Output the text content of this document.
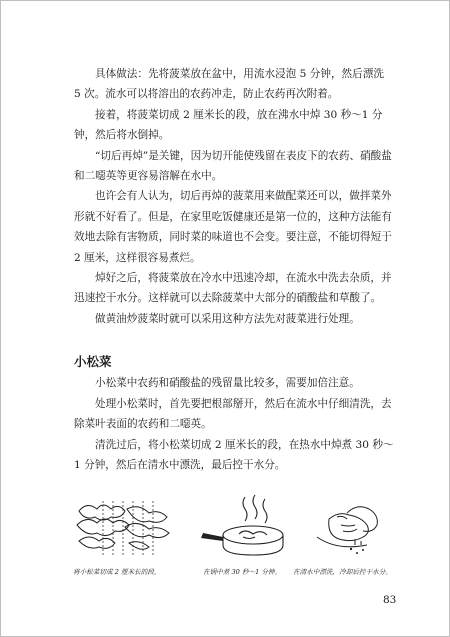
具体做法：先将菠菜放在盆中，用流水浸泡 5 分钟，然后漂洗 5 次。流水可以将溶出的农药冲走，防止农药再次附着。

接着，将菠菜切成 2 厘米长的段，放在沸水中焯 30 秒～1 分钟，然后将水倒掉。

“切后再焯”是关键，因为切开能使残留在表皮下的农药、硝酸盐和二噁英等更容易溶解在水中。

也许会有人认为，切后再焯的菠菜用来做配菜还可以，做拌菜外形就不好看了。但是，在家里吃饭健康还是第一位的，这种方法能有效地去除有害物质，同时菜的味道也不会变。要注意，不能切得短于 2 厘米，这样很容易煮烂。

焯好之后，将菠菜放在冷水中迅速冷却，在流水中洗去杂质，并迅速控干水分。这样就可以去除菠菜中大部分的硝酸盐和草酸了。

做黄油炒菠菜时就可以采用这种方法先对菠菜进行处理。

小松菜

小松菜中农药和硝酸盐的残留量比较多，需要加倍注意。

处理小松菜时，首先要把根部掰开，然后在流水中仔细清洗，去除菜叶表面的农药和二噁英。

清洗过后，将小松菜切成 2 厘米长的段，在热水中焯煮 30 秒～1 分钟，然后在清水中漂洗，最后控干水分。

将小松菜切成 2 厘米长的段。	在锅中煮 30 秒～1 分钟。 在清水中漂洗，冷却后控干水分。
83
